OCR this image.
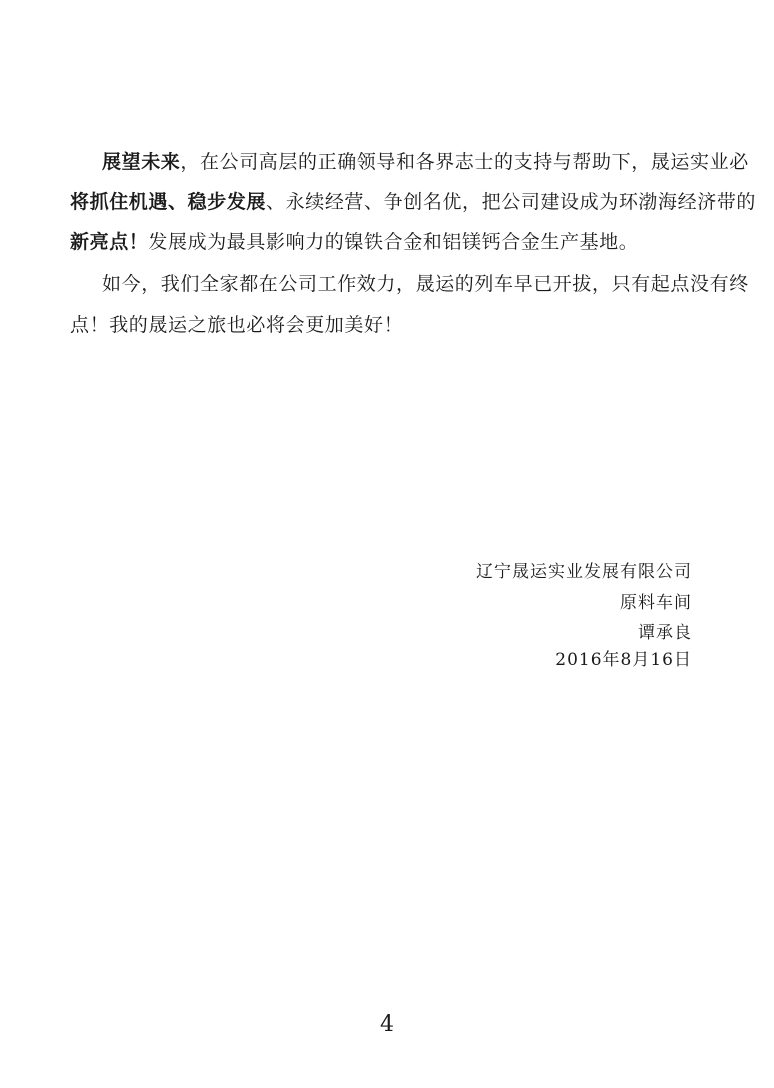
展望未来，在公司高层的正确领导和各界志士的支持与帮助下，晟运实业必
将抓住机遇、稳步发展、永续经营、争创名优，把公司建设成为环渤海经济带的
新亮点！发展成为最具影响力的镍铁合金和铝镁钙合金生产基地。
如今，我们全家都在公司工作效力，晟运的列车早已开拔，只有起点没有终
点！我的晟运之旅也必将会更加美好！
辽宁晟运实业发展有限公司
原料车间
谭承良
2016年8月16日
4
